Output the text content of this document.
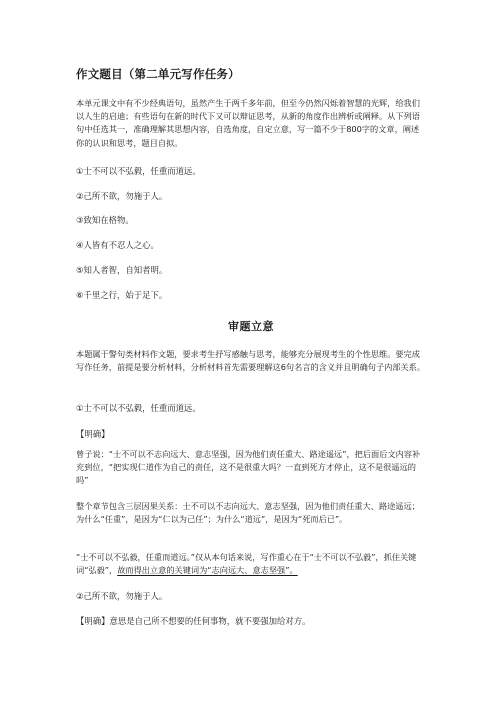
作文题目（第二单元写作任务）
本单元课文中有不少经典语句，虽然产生于两千多年前，但至今仍然闪烁着智慧的光辉，给我们以人生的启迪；有些语句在新的时代下又可以辩证思考，从新的角度作出辨析或阐释。从下列语句中任选其一，准确理解其思想内容，自选角度，自定立意，写一篇不少于800字的文章，阐述你的认识和思考，题目自拟。
①士不可以不弘毅，任重而道远。
②己所不欲，勿施于人。
③致知在格物。
④人皆有不忍人之心。
⑤知人者智，自知者明。
⑥千里之行，始于足下。
审题立意
本题属于警句类材料作文题，要求考生抒写感触与思考，能够充分展现考生的个性思维。要完成写作任务，前提是要分析材料，分析材料首先需要理解这6句名言的含义并且明确句子内部关系。
①士不可以不弘毅，任重而道远。
【明确】
曾子说：“士不可以不志向远大、意志坚强，因为他们责任重大、路途遥远”，把后面后文内容补充到位，“把实现仁道作为自己的责任，这不是很重大吗？一直到死方才停止，这不是很遥远的吗”
整个章节包含三层因果关系：士不可以不志向远大、意志坚强，因为他们责任重大、路途遥远；为什么“任重”，是因为“仁以为己任”；为什么“道远”，是因为“死而后已”。
“士不可以不弘毅，任重而道远。”仅从本句话来说，写作重心在于“士不可以不弘毅”，抓住关键词“弘毅”，故而得出立意的关键词为“志向远大、意志坚强”。
②己所不欲，勿施于人。
【明确】意思是自己所不想要的任何事物，就不要强加给对方。
